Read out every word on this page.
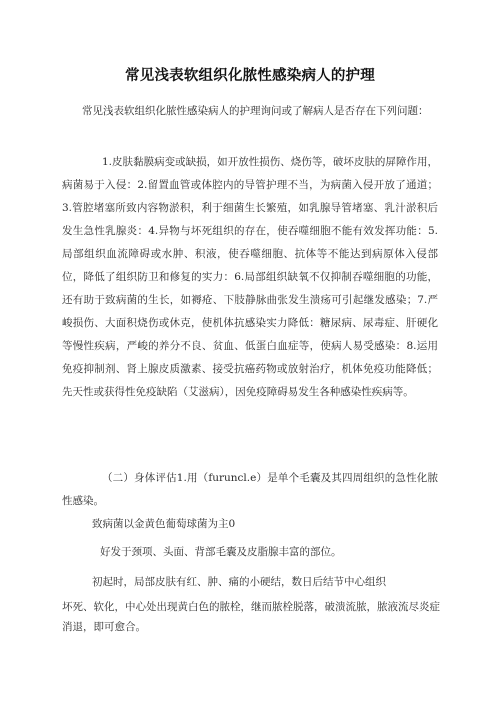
常见浅表软组织化脓性感染病人的护理

常见浅表软组织化脓性感染病人的护理询问或了解病人是否存在下列问题：

1.皮肤黏膜病变或缺损，如开放性损伤、烧伤等，破坏皮肤的屏障作用，病菌易于入侵：2.留置血管或体腔内的导管护理不当，为病菌入侵开放了通道；3.管腔堵塞所致内容物淤积，利于细菌生长繁殖，如乳腺导管堵塞、乳汁淤积后发生急性乳腺炎：4.异物与坏死组织的存在，使吞噬细胞不能有效发挥功能：5.局部组织血流障碍或水肿、积液，使吞噬细胞、抗体等不能达到病原体入侵部位，降低了组织防卫和修复的实力：6.局部组织缺氧不仅抑制吞噬细胞的功能，还有助于致病菌的生长，如褥疮、下肢静脉曲张发生溃疡可引起继发感染；7.严峻损伤、大面积烧伤或休克，使机体抗感染实力降低：糖尿病、尿毒症、肝硬化等慢性疾病，严峻的养分不良、贫血、低蛋白血症等，使病人易受感染：8.运用免疫抑制剂、肾上腺皮质激素、接受抗癌药物或放射治疗，机体免疫功能降低；先天性或获得性免疫缺陷（艾滋病），因免疫障碍易发生各种感染性疾病等。

（二）身体评估1.用（furuncl.e）是单个毛囊及其四周组织的急性化脓性感染。

致病菌以金黄色葡萄球菌为主0

好发于颈项、头面、背部毛囊及皮脂腺丰富的部位。

初起时，局部皮肤有红、肿、痛的小硬结，数日后结节中心组织

坏死、软化，中心处出现黄白色的脓栓，继而脓栓脱落，破溃流脓，脓液流尽炎症消退，即可愈合。
